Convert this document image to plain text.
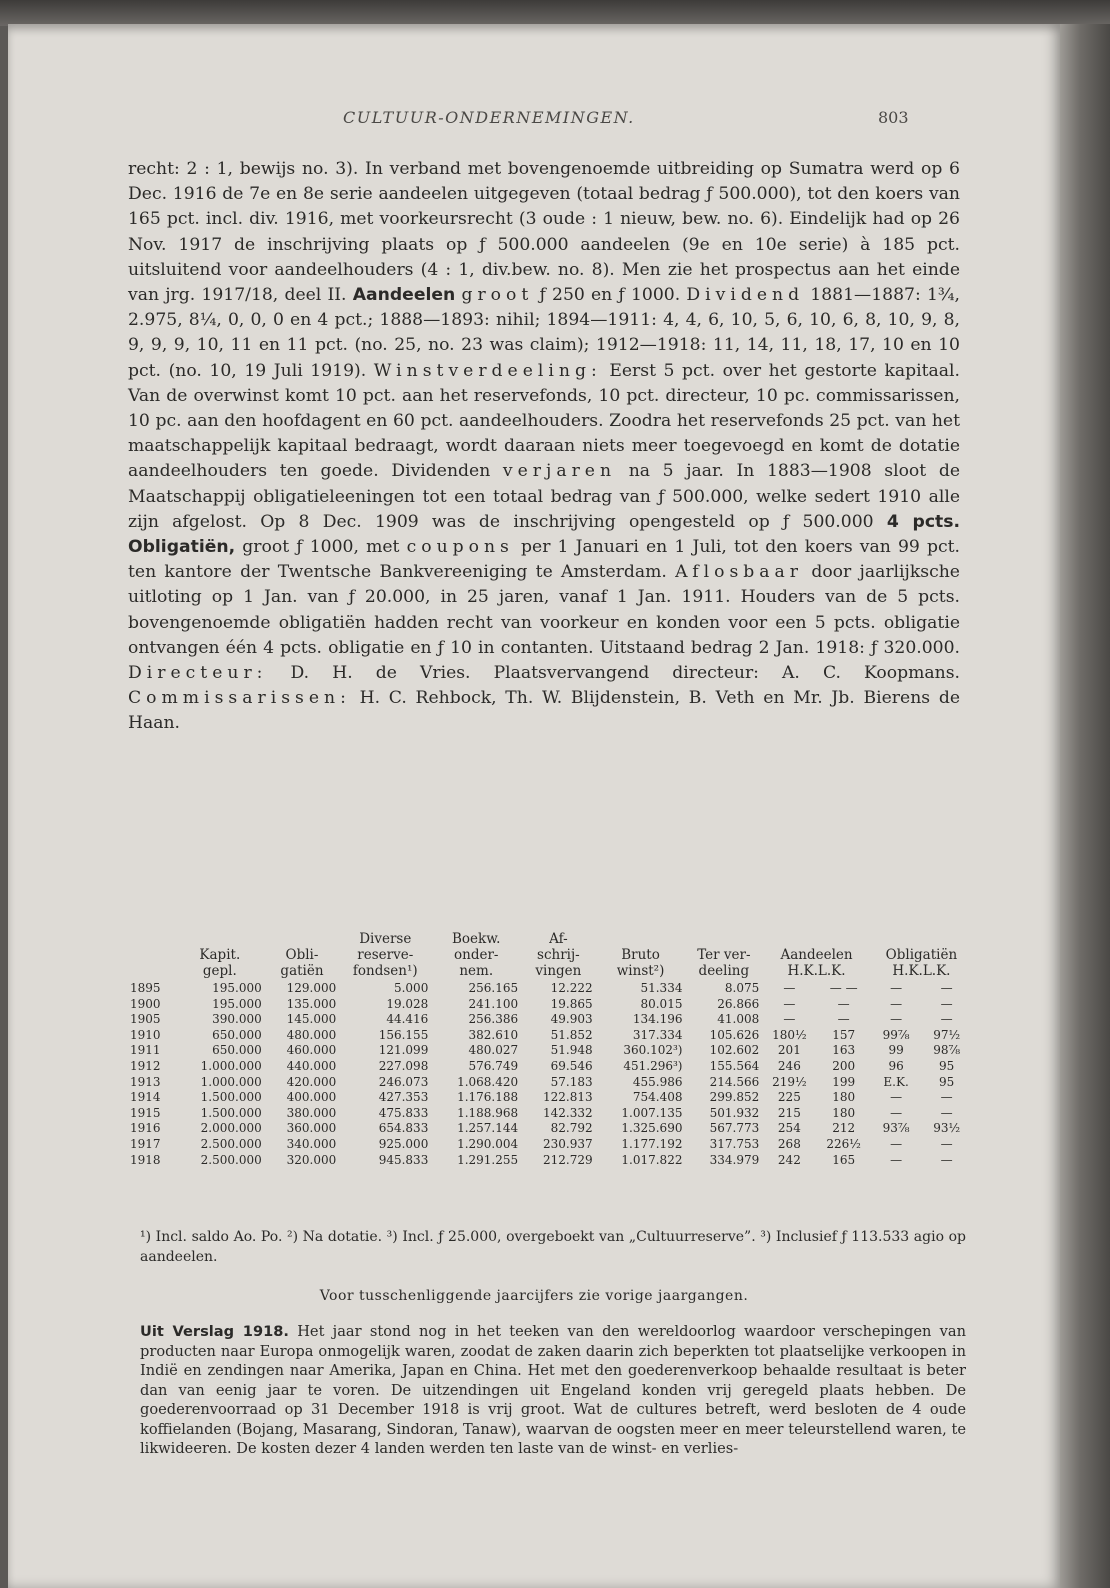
CULTUUR-ONDERNEMINGEN.	803

recht: 2 : 1, bewijs no. 3). In verband met bovengenoemde uitbreiding op Sumatra werd op 6 Dec. 1916 de 7e en 8e serie aandeelen uitgegeven (totaal bedrag ƒ 500.000), tot den koers van 165 pct. incl. div. 1916, met voorkeursrecht (3 oude : 1 nieuw, bew. no. 6). Eindelijk had op 26 Nov. 1917 de inschrijving plaats op ƒ 500.000 aandeelen (9e en 10e serie) à 185 pct. uitsluitend voor aandeelhouders (4 : 1, div.bew. no. 8). Men zie het prospectus aan het einde van jrg. 1917/18, deel II. Aandeelen groot ƒ 250 en ƒ 1000. Dividend 1881—1887: 1¾, 2.975, 8¼, 0, 0, 0 en 4 pct.; 1888—1893: nihil; 1894—1911: 4, 4, 6, 10, 5, 6, 10, 6, 8, 10, 9, 8, 9, 9, 9, 10, 11 en 11 pct. (no. 25, no. 23 was claim); 1912—1918: 11, 14, 11, 18, 17, 10 en 10 pct. (no. 10, 19 Juli 1919). Winstverdeeling: Eerst 5 pct. over het gestorte kapitaal. Van de overwinst komt 10 pct. aan het reservefonds, 10 pct. directeur, 10 pc. commissarissen, 10 pc. aan den hoofdagent en 60 pct. aandeelhouders. Zoodra het reservefonds 25 pct. van het maatschappelijk kapitaal bedraagt, wordt daaraan niets meer toegevoegd en komt de dotatie aandeelhouders ten goede. Dividenden verjaren na 5 jaar. In 1883—1908 sloot de Maatschappij obligatieleeningen tot een totaal bedrag van ƒ 500.000, welke sedert 1910 alle zijn afgelost. Op 8 Dec. 1909 was de inschrijving opengesteld op ƒ 500.000 4 pcts. Obligatiën, groot ƒ 1000, met coupons per 1 Januari en 1 Juli, tot den koers van 99 pct. ten kantore der Twentsche Bankvereeniging te Amsterdam. Aflosbaar door jaarlijksche uitloting op 1 Jan. van ƒ 20.000, in 25 jaren, vanaf 1 Jan. 1911. Houders van de 5 pcts. bovengenoemde obligatiën hadden recht van voorkeur en konden voor een 5 pcts. obligatie ontvangen één 4 pcts. obligatie en ƒ 10 in contanten. Uitstaand bedrag 2 Jan. 1918: ƒ 320.000. Directeur: D. H. de Vries. Plaatsvervangend directeur: A. C. Koopmans. Commissarissen: H. C. Rehbock, Th. W. Blijdenstein, B. Veth en Mr. Jb. Bierens de Haan.

			Diverse	Boekw.	Af-						
	Kapit.	Obli-	reserve-	onder-	schrij-	Bruto	Ter ver-	Aandeelen		Obligatiën	
	gepl.	gatiën	fondsen¹)	nem.	vingen	winst²)	deeling	H.K.L.K.		H.K.L.K.	
1895	195.000	129.000	5.000	256.165	12.222	51.334	8.075	—	— —	—	—
1900	195.000	135.000	19.028	241.100	19.865	80.015	26.866	—	—	—	—
1905	390.000	145.000	44.416	256.386	49.903	134.196	41.008	—	—	—	—
1910	650.000	480.000	156.155	382.610	51.852	317.334	105.626	180½	157	99⅞	97½
1911	650.000	460.000	121.099	480.027	51.948	360.102³)	102.602	201	163	99	98⅞
1912	1.000.000	440.000	227.098	576.749	69.546	451.296³)	155.564	246	200	96	95
1913	1.000.000	420.000	246.073	1.068.420	57.183	455.986	214.566	219½	199	E.K.	95
1914	1.500.000	400.000	427.353	1.176.188	122.813	754.408	299.852	225	180	—	—
1915	1.500.000	380.000	475.833	1.188.968	142.332	1.007.135	501.932	215	180	—	—
1916	2.000.000	360.000	654.833	1.257.144	82.792	1.325.690	567.773	254	212	93⅞	93½
1917	2.500.000	340.000	925.000	1.290.004	230.937	1.177.192	317.753	268	226½	—	—
1918	2.500.000	320.000	945.833	1.291.255	212.729	1.017.822	334.979	242	165	—	—
¹) Incl. saldo Ao. Po. ²) Na dotatie. ³) Incl. ƒ 25.000, overgeboekt van „Cultuurreserve”. ³) Inclusief ƒ 113.533 agio op aandeelen.
Voor tusschenliggende jaarcijfers zie vorige jaargangen.

Uit Verslag 1918. Het jaar stond nog in het teeken van den wereldoorlog waardoor verschepingen van producten naar Europa onmogelijk waren, zoodat de zaken daarin zich beperkten tot plaatselijke verkoopen in Indië en zendingen naar Amerika, Japan en China. Het met den goederenverkoop behaalde resultaat is beter dan van eenig jaar te voren. De uitzendingen uit Engeland konden vrij geregeld plaats hebben. De goederenvoorraad op 31 December 1918 is vrij groot. Wat de cultures betreft, werd besloten de 4 oude koffielanden (Bojang, Masarang, Sindoran, Tanaw), waarvan de oogsten meer en meer teleurstellend waren, te likwideeren. De kosten dezer 4 landen werden ten laste van de winst- en verlies-
